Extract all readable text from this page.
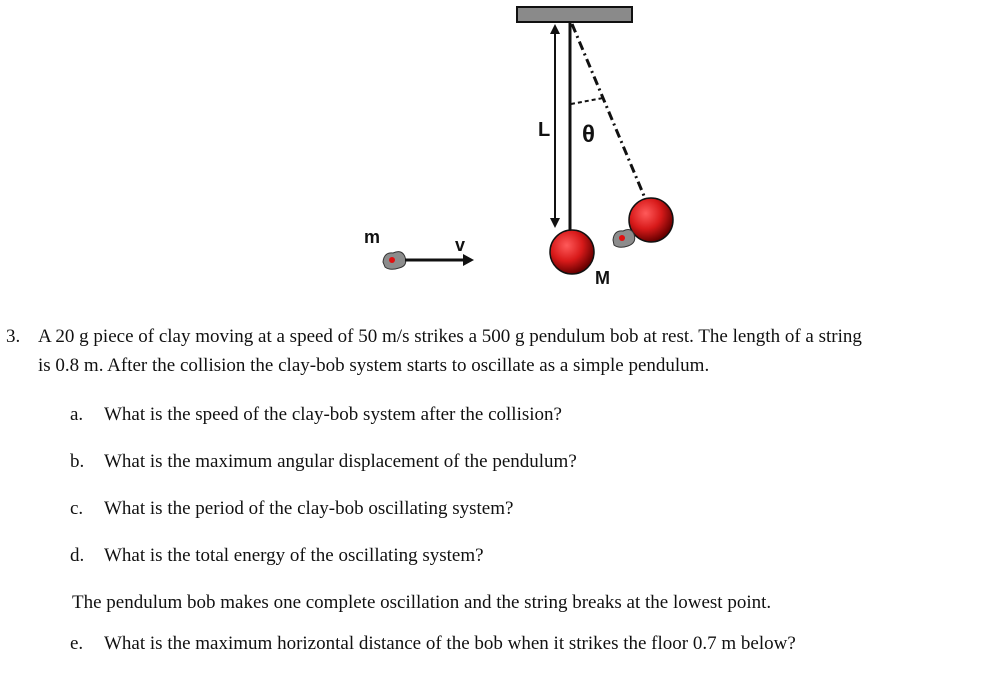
L θ
M
m	v
3. A 20 g piece of clay moving at a speed of 50 m/s strikes a 500 g pendulum bob at rest. The length of a string
is 0.8 m. After the collision the clay-bob system starts to oscillate as a simple pendulum.
a. What is the speed of the clay-bob system after the collision?
b. What is the maximum angular displacement of the pendulum?
c. What is the period of the clay-bob oscillating system?
d. What is the total energy of the oscillating system?
The pendulum bob makes one complete oscillation and the string breaks at the lowest point.
e. What is the maximum horizontal distance of the bob when it strikes the floor 0.7 m below?
